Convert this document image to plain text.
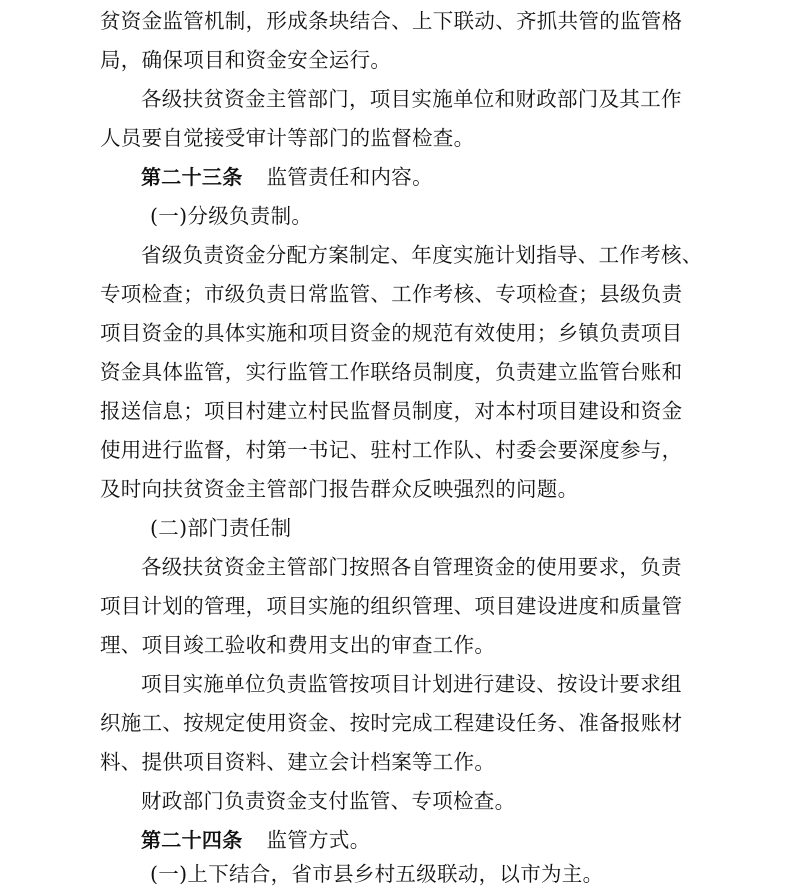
贫资金监管机制，形成条块结合、上下联动、齐抓共管的监管格
局，确保项目和资金安全运行。
各级扶贫资金主管部门，项目实施单位和财政部门及其工作
人员要自觉接受审计等部门的监督检查。
第二十三条 监管责任和内容。
(一)分级负责制。
省级负责资金分配方案制定、年度实施计划指导、工作考核、
专项检查；市级负责日常监管、工作考核、专项检查；县级负责
项目资金的具体实施和项目资金的规范有效使用；乡镇负责项目
资金具体监管，实行监管工作联络员制度，负责建立监管台账和
报送信息；项目村建立村民监督员制度，对本村项目建设和资金
使用进行监督，村第一书记、驻村工作队、村委会要深度参与，
及时向扶贫资金主管部门报告群众反映强烈的问题。
(二)部门责任制
各级扶贫资金主管部门按照各自管理资金的使用要求，负责
项目计划的管理，项目实施的组织管理、项目建设进度和质量管
理、项目竣工验收和费用支出的审查工作。
项目实施单位负责监管按项目计划进行建设、按设计要求组
织施工、按规定使用资金、按时完成工程建设任务、准备报账材
料、提供项目资料、建立会计档案等工作。
财政部门负责资金支付监管、专项检查。
第二十四条 监管方式。
(一)上下结合，省市县乡村五级联动，以市为主。
